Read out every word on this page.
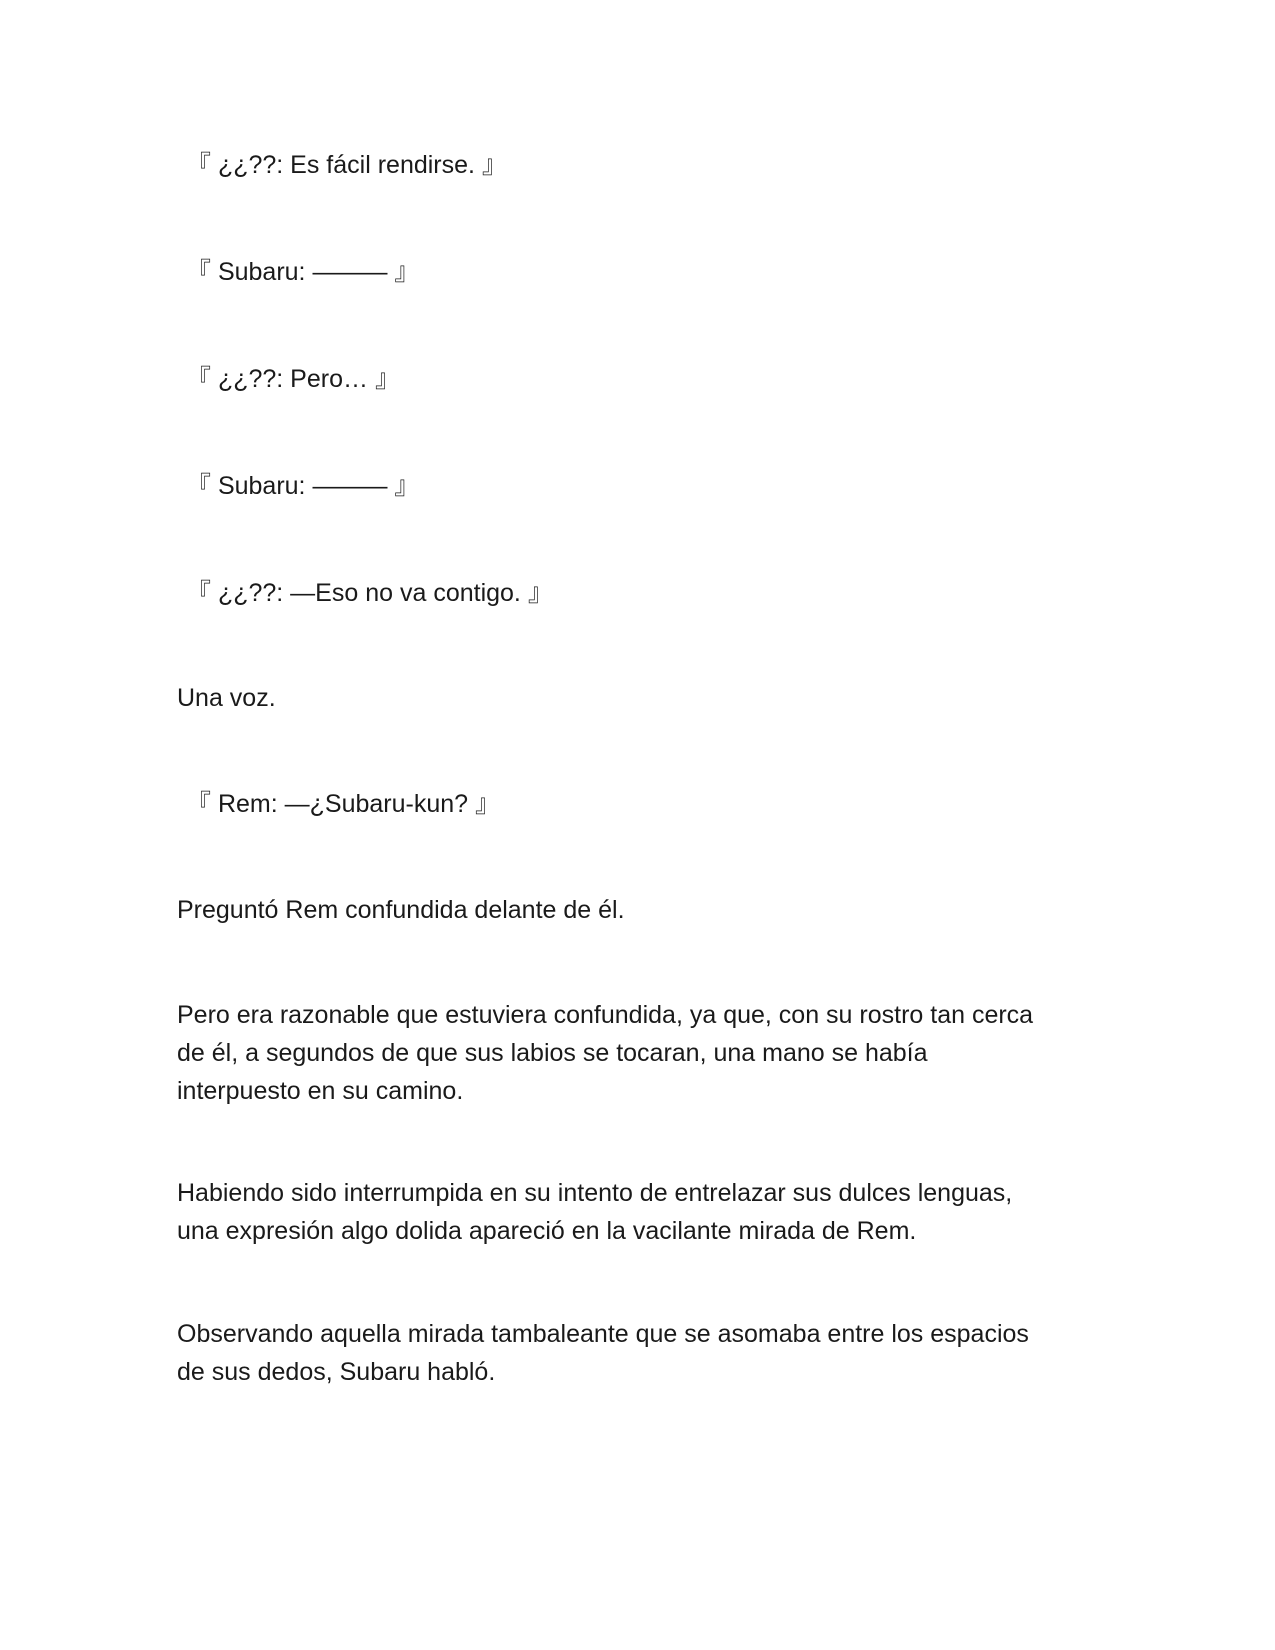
『 ¿¿??: Es fácil rendirse. 』
『 Subaru: ——— 』
『 ¿¿??: Pero… 』
『 Subaru: ——— 』
『 ¿¿??: —Eso no va contigo. 』
Una voz.
『 Rem: —¿Subaru-kun? 』
Preguntó Rem confundida delante de él.
Pero era razonable que estuviera confundida, ya que, con su rostro tan cerca
de él, a segundos de que sus labios se tocaran, una mano se había
interpuesto en su camino.
Habiendo sido interrumpida en su intento de entrelazar sus dulces lenguas,
una expresión algo dolida apareció en la vacilante mirada de Rem.
Observando aquella mirada tambaleante que se asomaba entre los espacios
de sus dedos, Subaru habló.
